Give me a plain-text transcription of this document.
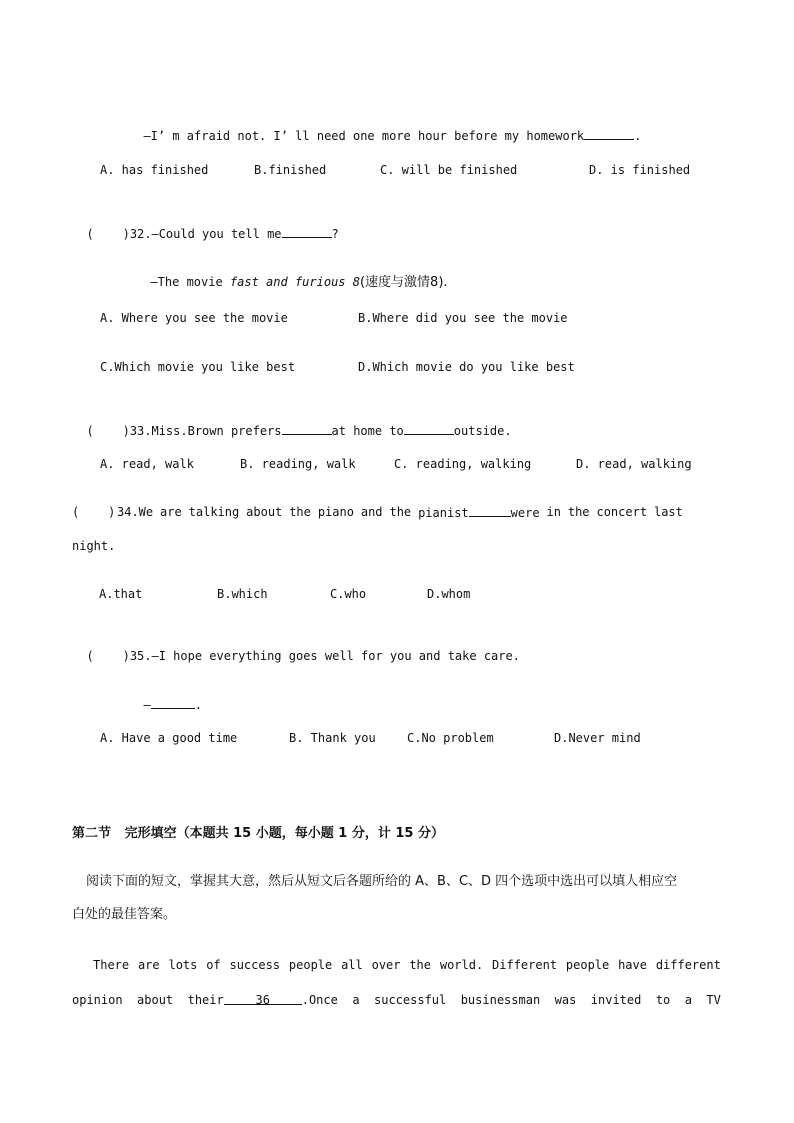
—I’ m afraid not. I’ ll need one more hour before my homework	.

A. has finished	B.finished	C. will be finished	D. is finished

(    )32.—Could you tell me	?

—The movie fast and furious 8(速度与激情8).

A. Where you see the movie	B.Where did you see the movie
C.Which movie you like best	D.Which movie do you like best

(    )33.Miss.Brown prefers	at home to	outside.

A. read, walk	B. reading, walk	C. reading, walking	D. read, walking
(    ) 34.We are talking about the piano and the pianist	were in the concert last
night.
A.that	B.which	C.who	D.whom

(    )35.—I hope everything goes well for you and take care.

—	.

A. Have a good time	B. Thank you	C.No problem	D.Never mind
第二节   完形填空（本题共 15 小题，每小题 1 分，计 15 分）
阅读下面的短文，掌握其大意，然后从短文后各题所给的 A、B、C、D 四个选项中选出可以填人相应空
白处的最佳答案。
There are lots of success people all over the world. Different people have different
opinion about their	36	.Once a successful businessman was invited to a TV
